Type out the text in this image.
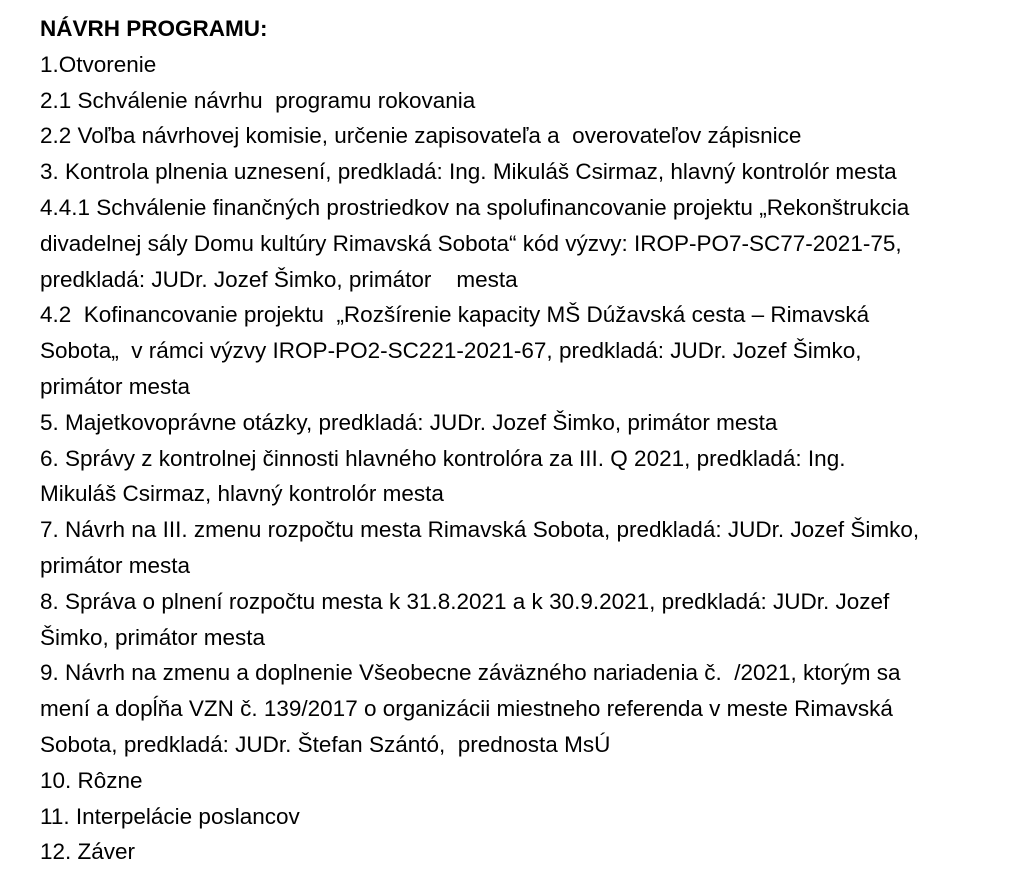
NÁVRH PROGRAMU:
1.Otvorenie
2.1 Schválenie návrhu  programu rokovania
2.2 Voľba návrhovej komisie, určenie zapisovateľa a  overovateľov zápisnice
3. Kontrola plnenia uznesení, predkladá: Ing. Mikuláš Csirmaz, hlavný kontrolór mesta
4.4.1 Schválenie finančných prostriedkov na spolufinancovanie projektu „Rekonštrukcia
divadelnej sály Domu kultúry Rimavská Sobota“ kód výzvy: IROP-PO7-SC77-2021-75,
predkladá: JUDr. Jozef Šimko, primátor    mesta
4.2  Kofinancovanie projektu  „Rozšírenie kapacity MŠ Dúžavská cesta – Rimavská
Sobota„  v rámci výzvy IROP-PO2-SC221-2021-67, predkladá: JUDr. Jozef Šimko,
primátor mesta
5. Majetkovoprávne otázky, predkladá: JUDr. Jozef Šimko, primátor mesta
6. Správy z kontrolnej činnosti hlavného kontrolóra za III. Q 2021, predkladá: Ing.
Mikuláš Csirmaz, hlavný kontrolór mesta
7. Návrh na III. zmenu rozpočtu mesta Rimavská Sobota, predkladá: JUDr. Jozef Šimko,
primátor mesta
8. Správa o plnení rozpočtu mesta k 31.8.2021 a k 30.9.2021, predkladá: JUDr. Jozef
Šimko, primátor mesta
9. Návrh na zmenu a doplnenie Všeobecne záväzného nariadenia č.  /2021, ktorým sa
mení a dopĺňa VZN č. 139/2017 o organizácii miestneho referenda v meste Rimavská
Sobota, predkladá: JUDr. Štefan Szántó,  prednosta MsÚ
10. Rôzne
11. Interpelácie poslancov
12. Záver
